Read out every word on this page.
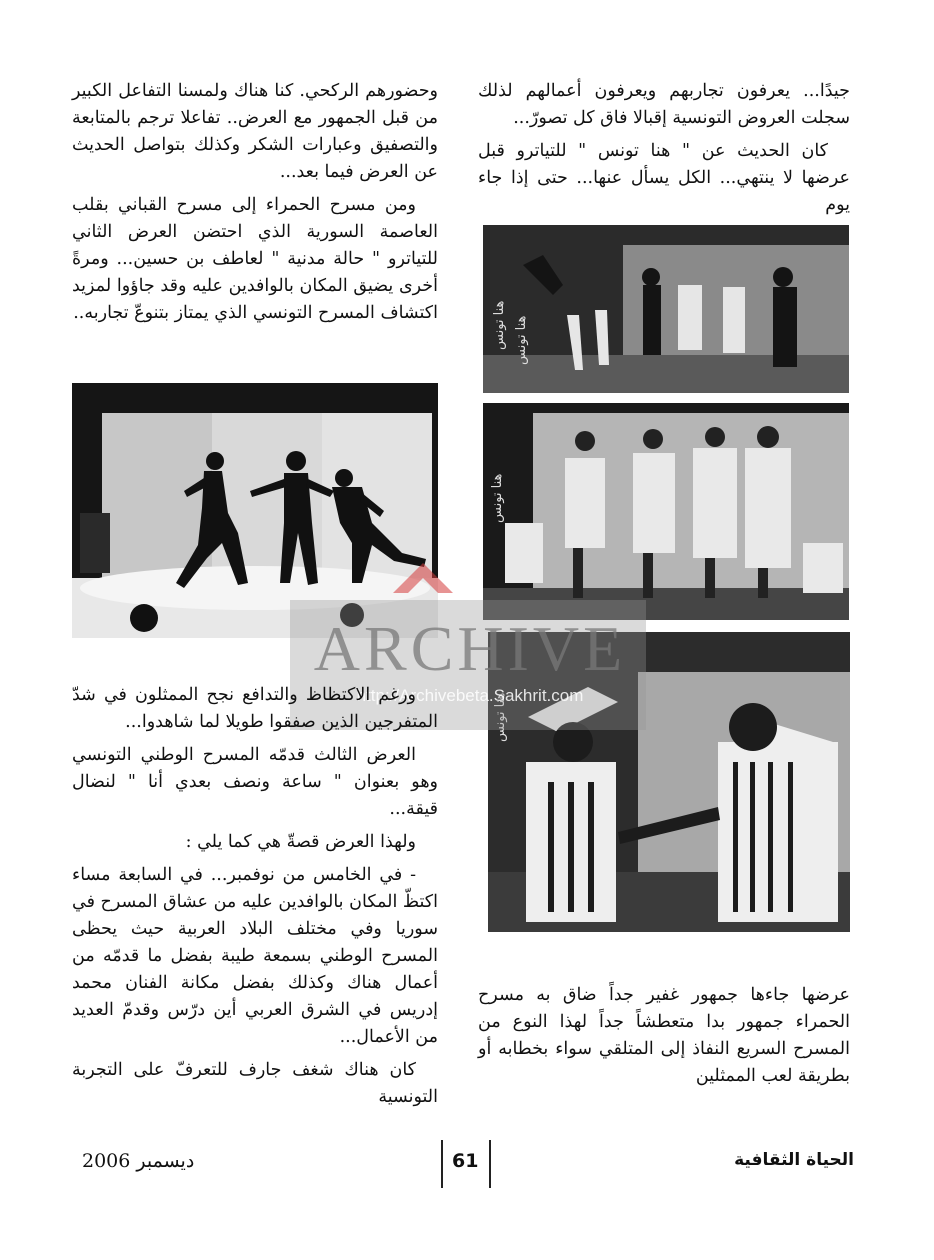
جيدًا... يعرفون تجاربهم ويعرفون أعمالهم لذلك سجلت العروض التونسية إقبالا فاق كل تصورّ...

كان الحديث عن " هنا تونس " للتياترو قبل عرضها لا ينتهي... الكل يسأل عنها... حتى إذا جاء يوم

وحضورهم الركحي. كنا هناك ولمسنا التفاعل الكبير من قبل الجمهور مع العرض.. تفاعلا ترجم بالمتابعة والتصفيق وعبارات الشكر وكذلك بتواصل الحديث عن العرض فيما بعد...

ومن مسرح الحمراء إلى مسرح القباني بقلب العاصمة السورية الذي احتضن العرض الثاني للتياترو " حالة مدنية " لعاطف بن حسين... ومرةً أخرى يضيق المكان بالوافدين عليه وقد جاؤوا لمزيد اكتشاف المسرح التونسي الذي يمتاز بتنوعّ تجاربه..	هنا تونس هنا تونس
هنا تونس
هنا تونس
ARCHIVE
http://Archivebeta.Sakhrit.com

ورغم الاكتظاظ والتدافع نجح الممثلون في شدّ المتفرجين الذين صفقوا طويلا لما شاهدوا...

العرض الثالث قدمّه المسرح الوطني التونسي وهو بعنوان " ساعة ونصف بعدي أنا " لنضال قيقة...

ولهذا العرض قصةّ هي كما يلي :

- في الخامس من نوفمبر... في السابعة مساء اكتظّ المكان بالوافدين عليه من عشاق المسرح في سوريا وفي مختلف البلاد العربية حيث يحظى المسرح الوطني بسمعة طيبة بفضل ما قدمّه من أعمال هناك وكذلك بفضل مكانة الفنان محمد إدريس في الشرق العربي أين درّس وقدمّ العديد من الأعمال...

كان هناك شغف جارف للتعرفّ على التجربة التونسية

عرضها جاءها جمهور غفير جداً ضاق به مسرح الحمراء جمهور بدا متعطشاً جداً لهذا النوع من المسرح السريع النفاذ إلى المتلقي سواء بخطابه أو بطريقة لعب الممثلين

الحياة الثقافية
61
ديسمبر 2006
